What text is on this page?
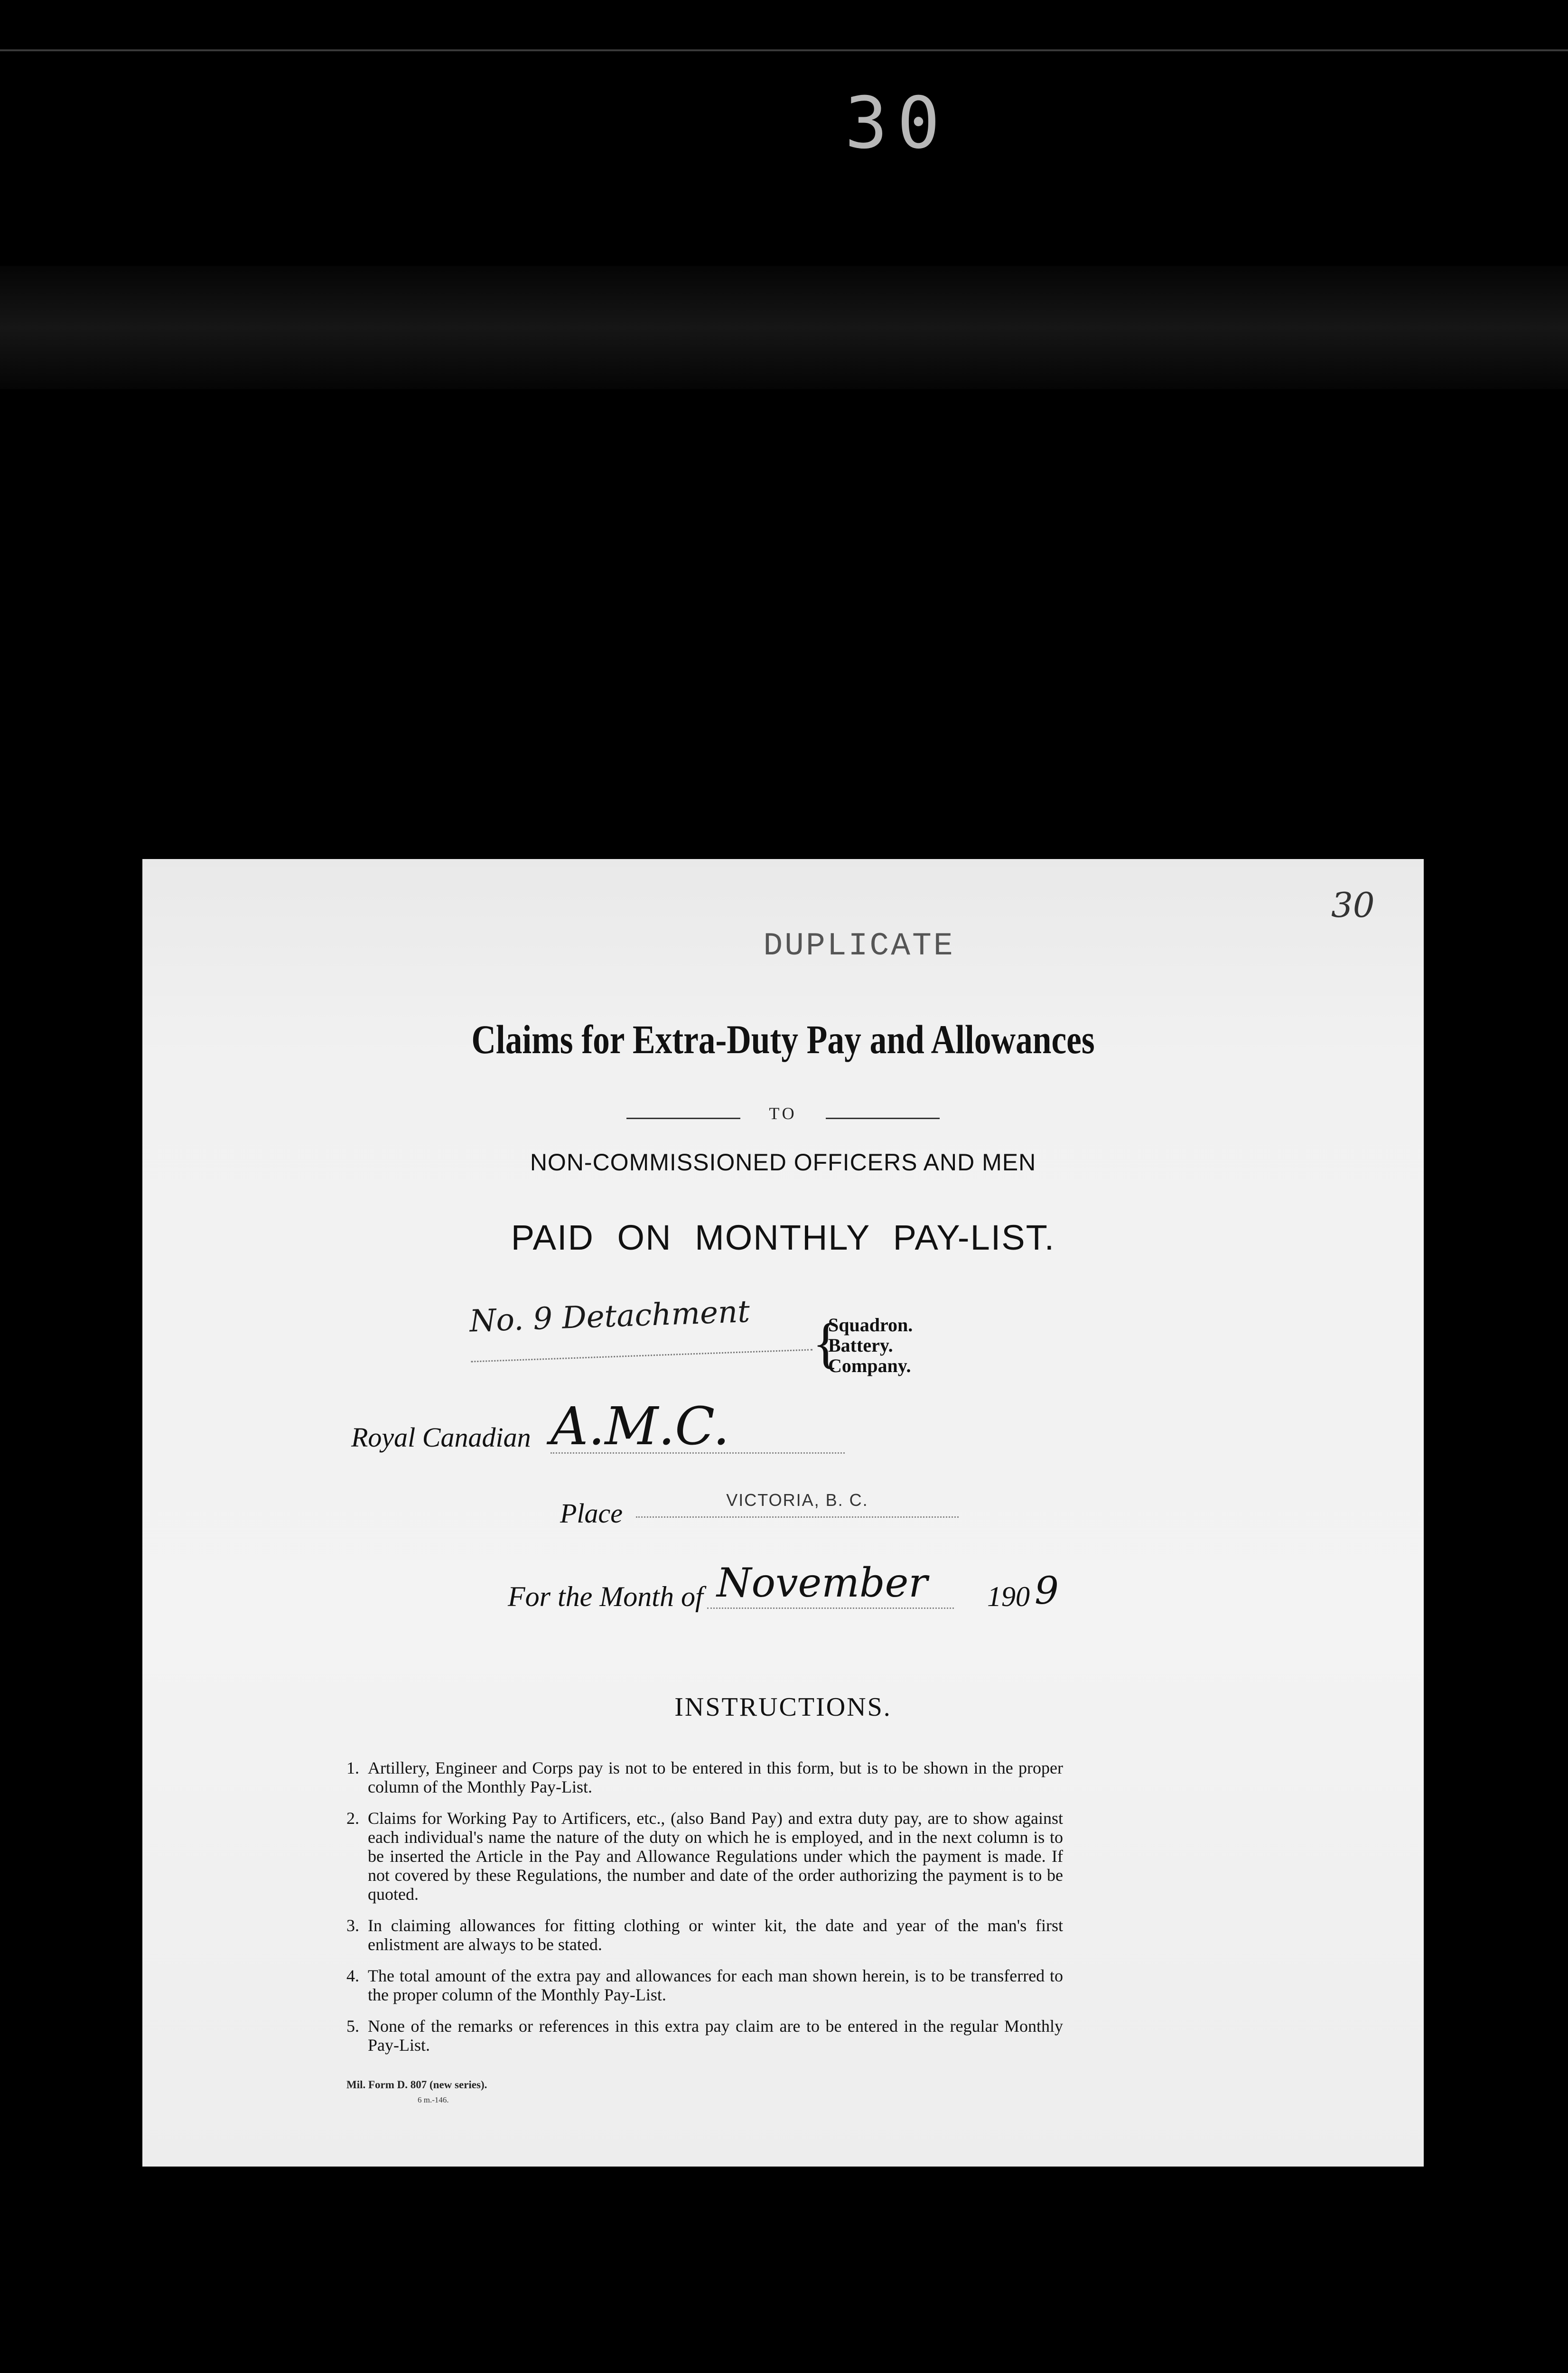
30
30
DUPLICATE
Claims for Extra-Duty Pay and Allowances
TO
NON-COMMISSIONED OFFICERS AND MEN
PAID ON MONTHLY PAY-LIST.
No. 9 Detachment	{
Squadron.
Battery.
Company.
Royal Canadian A.M.C.
Place	VICTORIA, B. C.
For the Month of November	190 9
INSTRUCTIONS.
1. Artillery, Engineer and Corps pay is not to be entered in this form, but is to be shown in the proper column of the Monthly Pay-List.
2. Claims for Working Pay to Artificers, etc., (also Band Pay) and extra duty pay, are to show against each individual's name the nature of the duty on which he is employed, and in the next column is to be inserted the Article in the Pay and Allowance Regulations under which the payment is made. If not covered by these Regulations, the number and date of the order authorizing the payment is to be quoted.
3. In claiming allowances for fitting clothing or winter kit, the date and year of the man's first enlistment are always to be stated.
4. The total amount of the extra pay and allowances for each man shown herein, is to be transferred to the proper column of the Monthly Pay-List.
5. None of the remarks or references in this extra pay claim are to be entered in the regular Monthly Pay-List.
Mil. Form D. 807 (new series).
6 m.-146.
